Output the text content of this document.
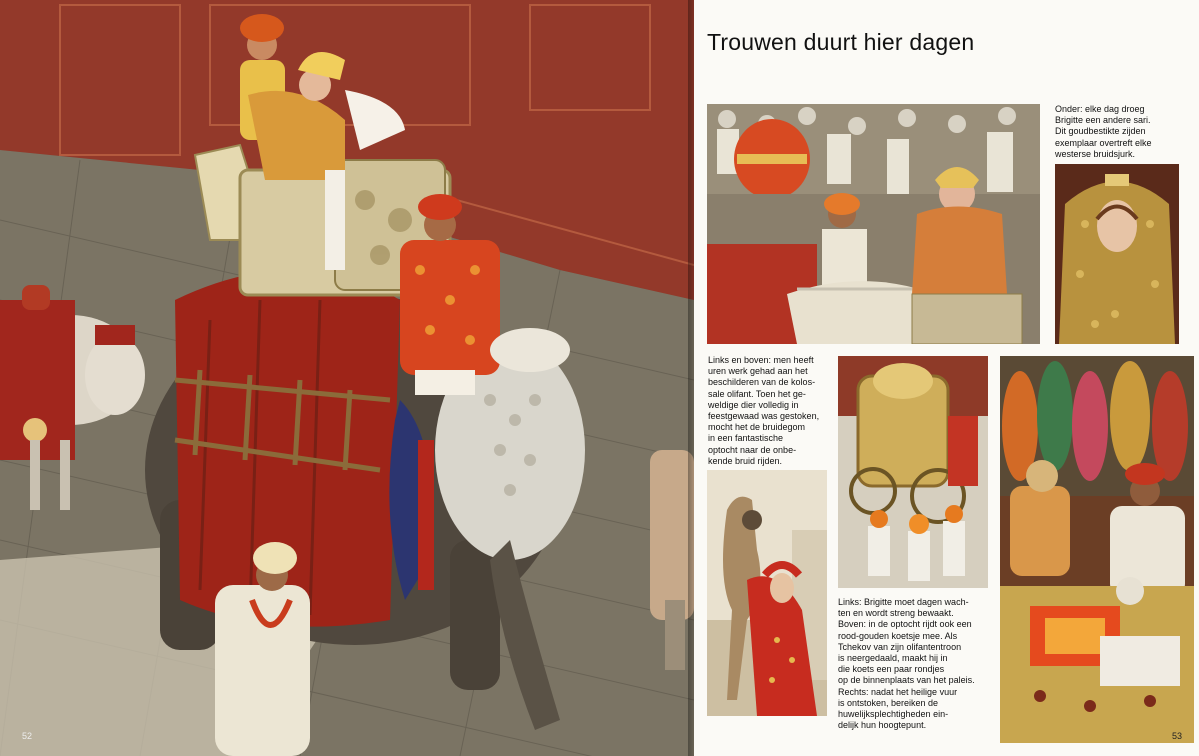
52
Trouwen duurt hier dagen
Onder: elke dag droeg
Brigitte een andere sari.
Dit goudbestikte zijden
exemplaar overtreft elke
westerse bruidsjurk.
Links en boven: men heeft
uren werk gehad aan het
beschilderen van de kolos-
sale olifant. Toen het ge-
weldige dier volledig in
feestgewaad was gestoken,
mocht het de bruidegom
in een fantastische
optocht naar de onbe-
kende bruid rijden.
Links: Brigitte moet dagen wach-
ten en wordt streng bewaakt.
Boven: in de optocht rijdt ook een
rood-gouden koetsje mee. Als
Tchekov van zijn olifantentroon
is neergedaald, maakt hij in
die koets een paar rondjes
op de binnenplaats van het paleis.
Rechts: nadat het heilige vuur
is ontstoken, bereiken de
huwelijksplechtigheden ein-
delijk hun hoogtepunt.
53
